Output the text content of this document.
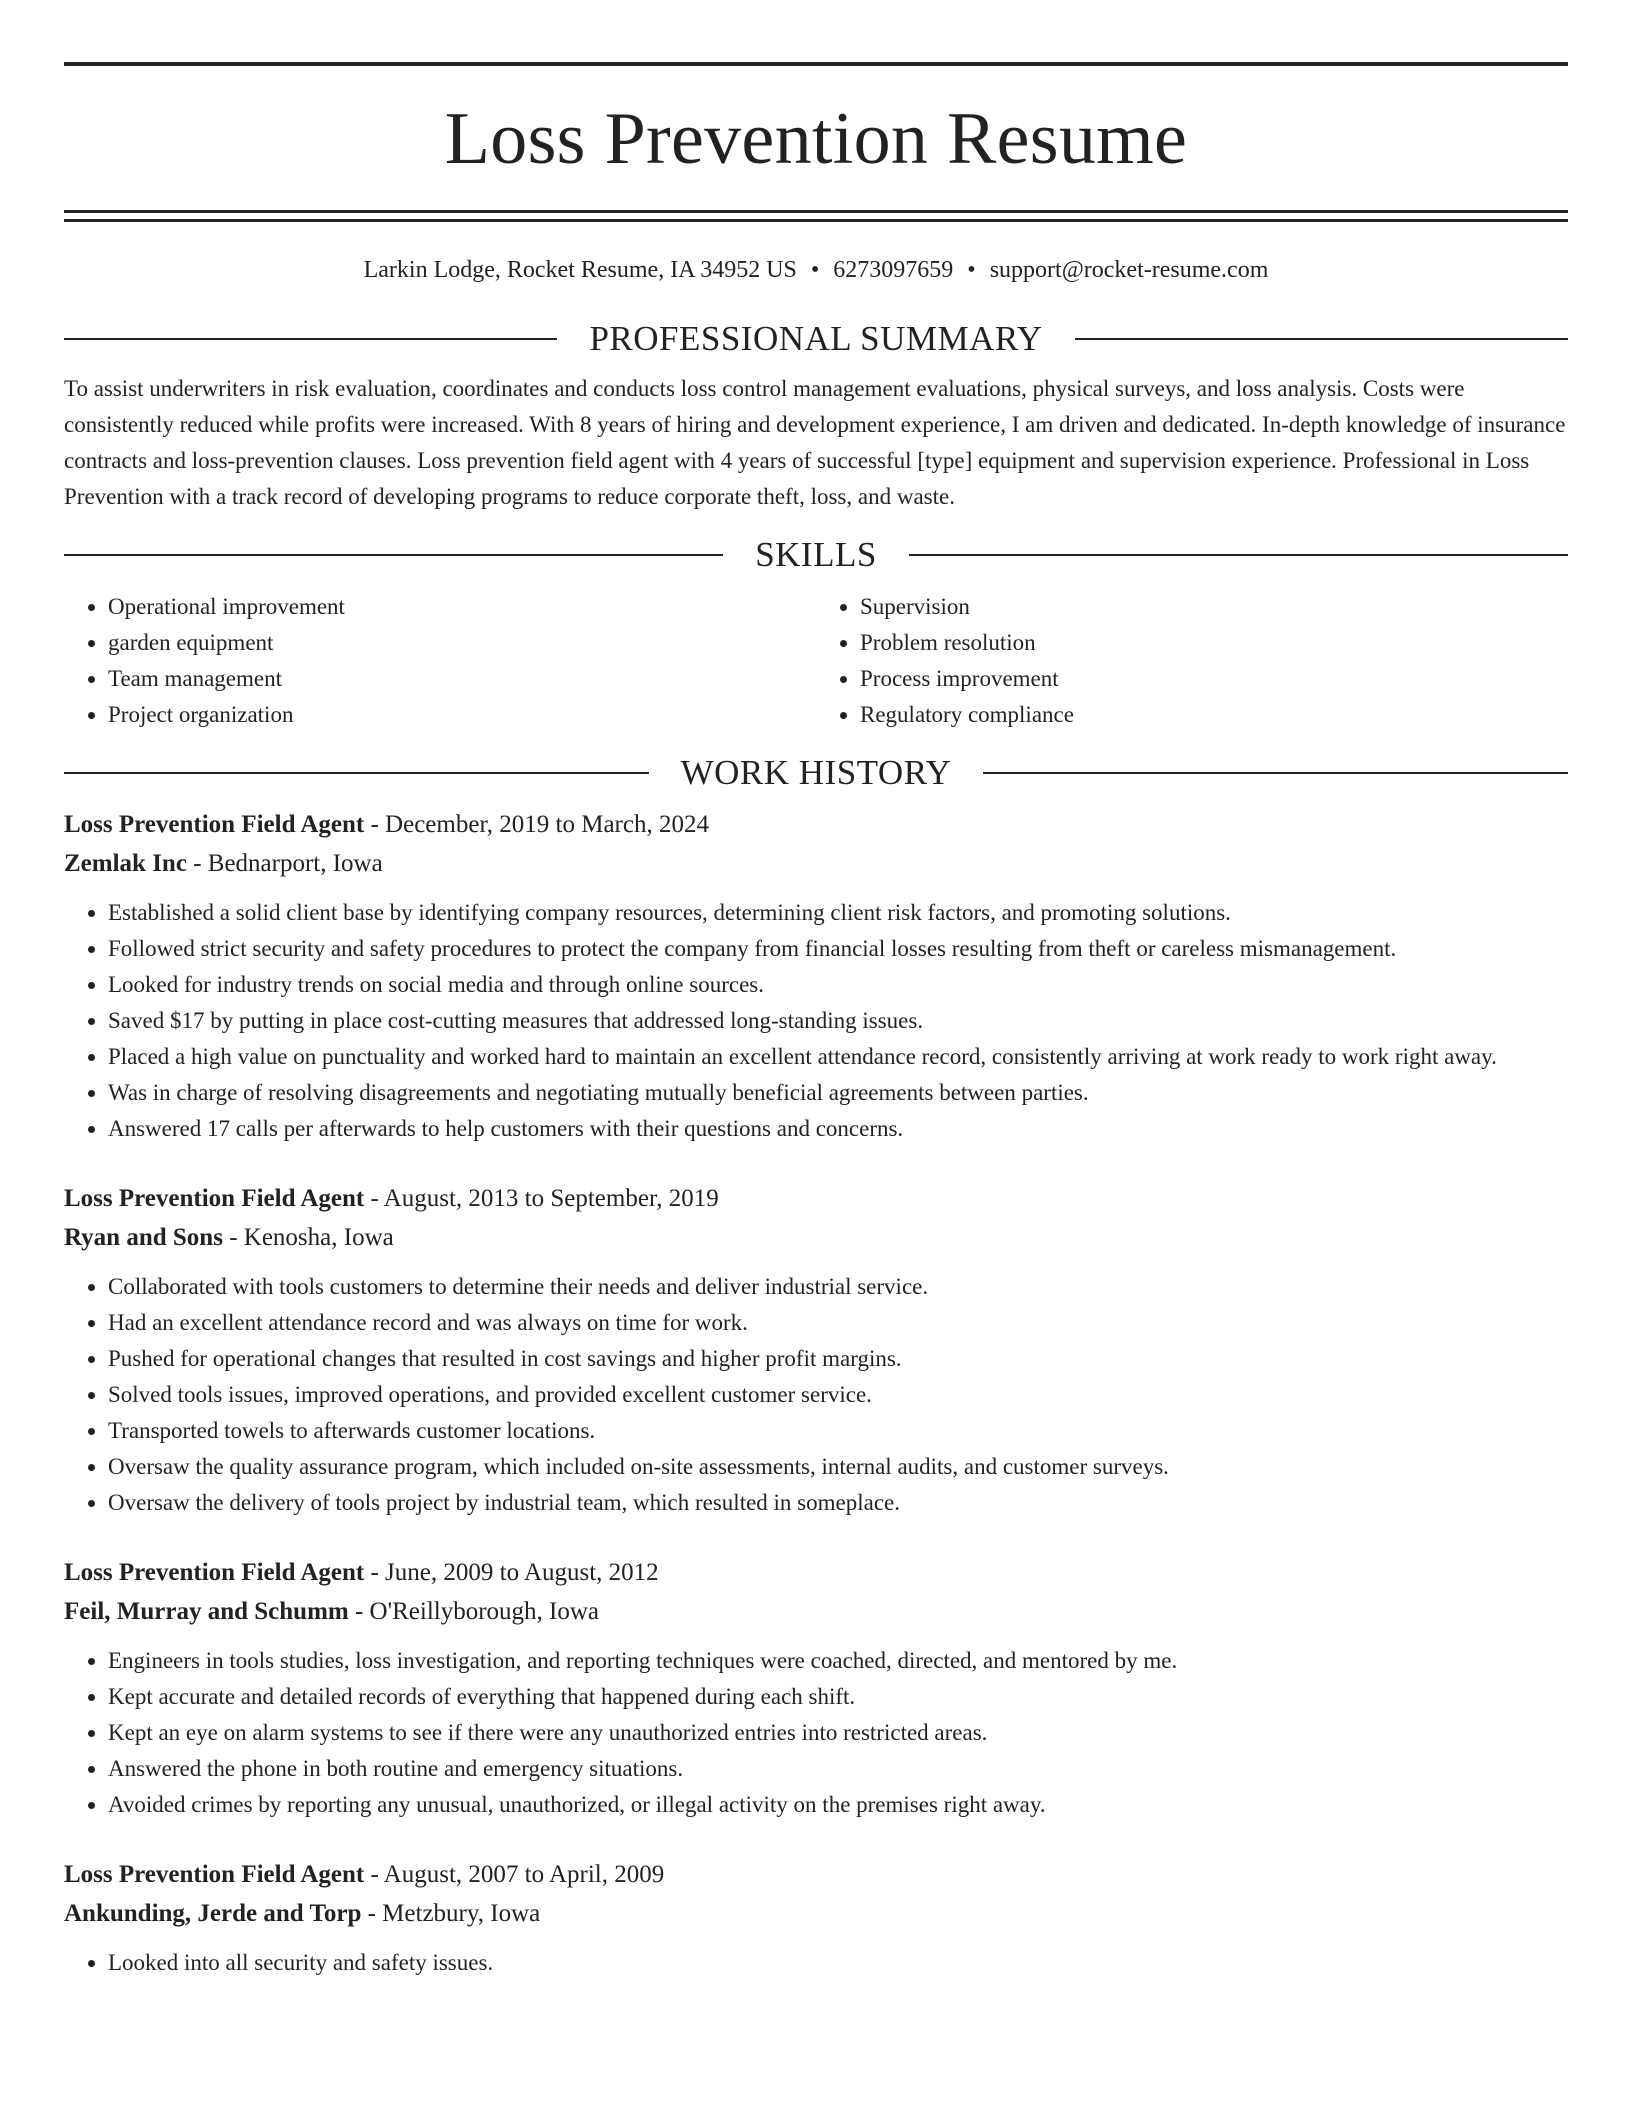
Loss Prevention Resume
Larkin Lodge, Rocket Resume, IA 34952 US • 6273097659 • support@rocket-resume.com
PROFESSIONAL SUMMARY
To assist underwriters in risk evaluation, coordinates and conducts loss control management evaluations, physical surveys, and loss analysis. Costs were consistently reduced while profits were increased. With 8 years of hiring and development experience, I am driven and dedicated. In-depth knowledge of insurance contracts and loss-prevention clauses. Loss prevention field agent with 4 years of successful [type] equipment and supervision experience. Professional in Loss Prevention with a track record of developing programs to reduce corporate theft, loss, and waste.
SKILLS
• Operational improvement
• garden equipment
• Team management
• Project organization
• Supervision
• Problem resolution
• Process improvement
• Regulatory compliance
WORK HISTORY
Loss Prevention Field Agent - December, 2019 to March, 2024
Zemlak Inc - Bednarport, Iowa
• Established a solid client base by identifying company resources, determining client risk factors, and promoting solutions.
• Followed strict security and safety procedures to protect the company from financial losses resulting from theft or careless mismanagement.
• Looked for industry trends on social media and through online sources.
• Saved $17 by putting in place cost-cutting measures that addressed long-standing issues.
• Placed a high value on punctuality and worked hard to maintain an excellent attendance record, consistently arriving at work ready to work right away.
• Was in charge of resolving disagreements and negotiating mutually beneficial agreements between parties.
• Answered 17 calls per afterwards to help customers with their questions and concerns.
Loss Prevention Field Agent - August, 2013 to September, 2019
Ryan and Sons - Kenosha, Iowa
• Collaborated with tools customers to determine their needs and deliver industrial service.
• Had an excellent attendance record and was always on time for work.
• Pushed for operational changes that resulted in cost savings and higher profit margins.
• Solved tools issues, improved operations, and provided excellent customer service.
• Transported towels to afterwards customer locations.
• Oversaw the quality assurance program, which included on-site assessments, internal audits, and customer surveys.
• Oversaw the delivery of tools project by industrial team, which resulted in someplace.
Loss Prevention Field Agent - June, 2009 to August, 2012
Feil, Murray and Schumm - O'Reillyborough, Iowa
• Engineers in tools studies, loss investigation, and reporting techniques were coached, directed, and mentored by me.
• Kept accurate and detailed records of everything that happened during each shift.
• Kept an eye on alarm systems to see if there were any unauthorized entries into restricted areas.
• Answered the phone in both routine and emergency situations.
• Avoided crimes by reporting any unusual, unauthorized, or illegal activity on the premises right away.
Loss Prevention Field Agent - August, 2007 to April, 2009
Ankunding, Jerde and Torp - Metzbury, Iowa
• Looked into all security and safety issues.
